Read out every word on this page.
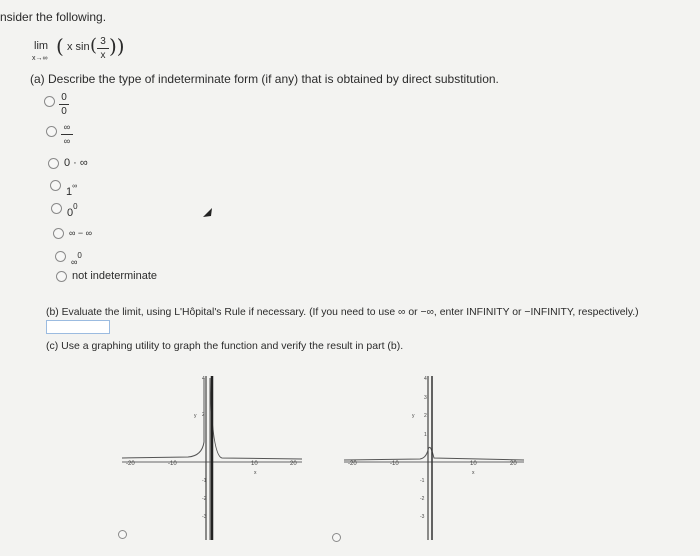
nsider the following.
lim
x→∞
( x sin ( 3
x ))
(a) Describe the type of indeterminate form (if any) that is obtained by direct substitution.
0
0
∞
∞
0 · ∞
$_1$∞
$_0$0
∞ − ∞
$_\infty$0
not indeterminate
(b) Evaluate the limit, using L'Hôpital's Rule if necessary. (If you need to use ∞ or −∞, enter INFINITY or −INFINITY, respectively.)
(c) Use a graphing utility to graph the function and verify the result in part (b).
-20	-10	10	20
x
y
4
2
-1
-2
-3
-20	-10	10	20
x
y
4
3
2
1
-1
-2
-3
